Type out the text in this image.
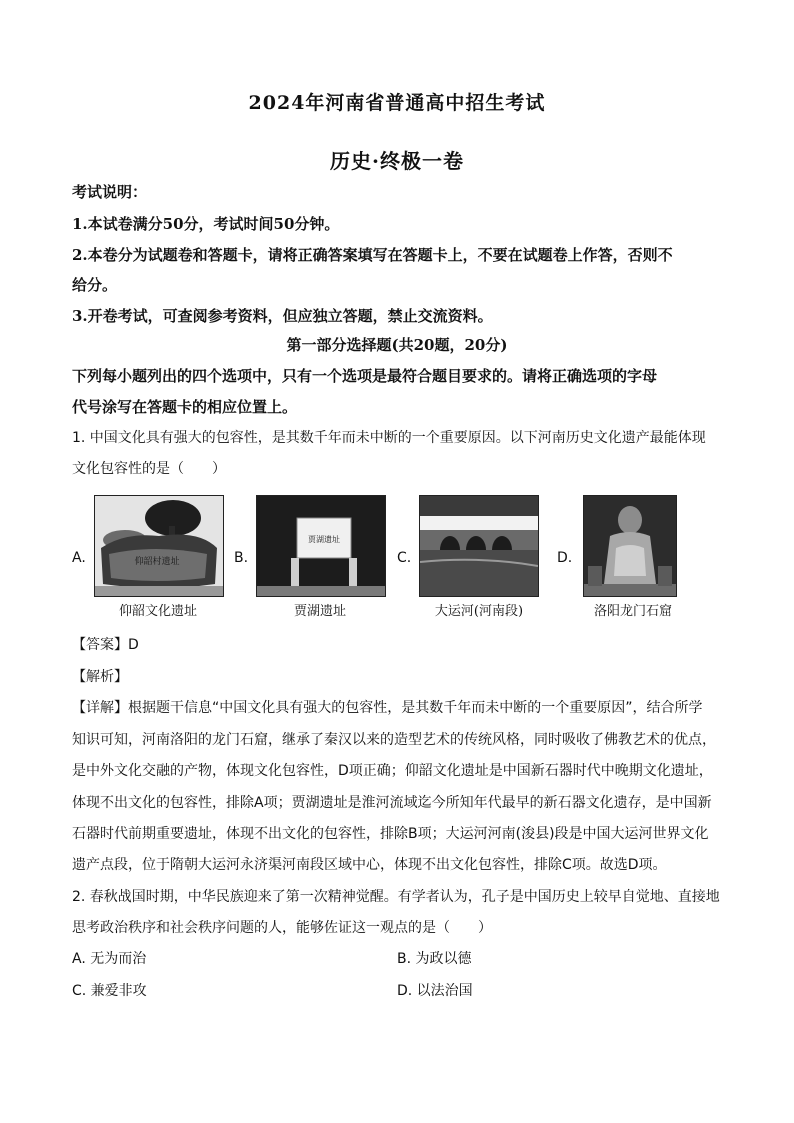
2024年河南省普通高中招生考试
历史·终极一卷
考试说明：
1.本试卷满分50分，考试时间50分钟。
2.本卷分为试题卷和答题卡，请将正确答案填写在答题卡上，不要在试题卷上作答，否则不
给分。
3.开卷考试，可查阅参考资料，但应独立答题，禁止交流资料。
第一部分选择题(共20题，20分)
下列每小题列出的四个选项中，只有一个选项是最符合题目要求的。请将正确选项的字母
代号涂写在答题卡的相应位置上。
1. 中国文化具有强大的包容性，是其数千年而未中断的一个重要原因。以下河南历史文化遗产最能体现
文化包容性的是（　　）
A.	仰韶村遗址
仰韶文化遗址
B.
贾湖遗址
贾湖遗址
C.
大运河(河南段)
D.
洛阳龙门石窟
【答案】D
【解析】
【详解】根据题干信息“中国文化具有强大的包容性，是其数千年而未中断的一个重要原因”，结合所学
知识可知，河南洛阳的龙门石窟，继承了秦汉以来的造型艺术的传统风格，同时吸收了佛教艺术的优点，
是中外文化交融的产物，体现文化包容性，D项正确；仰韶文化遗址是中国新石器时代中晚期文化遗址，
体现不出文化的包容性，排除A项；贾湖遗址是淮河流域迄今所知年代最早的新石器文化遗存，是中国新
石器时代前期重要遗址，体现不出文化的包容性，排除B项；大运河河南(浚县)段是中国大运河世界文化
遗产点段，位于隋朝大运河永济渠河南段区域中心，体现不出文化包容性，排除C项。故选D项。
2. 春秋战国时期，中华民族迎来了第一次精神觉醒。有学者认为，孔子是中国历史上较早自觉地、直接地
思考政治秩序和社会秩序问题的人，能够佐证这一观点的是（　　）
A. 无为而治	B. 为政以德
C. 兼爱非攻	D. 以法治国
